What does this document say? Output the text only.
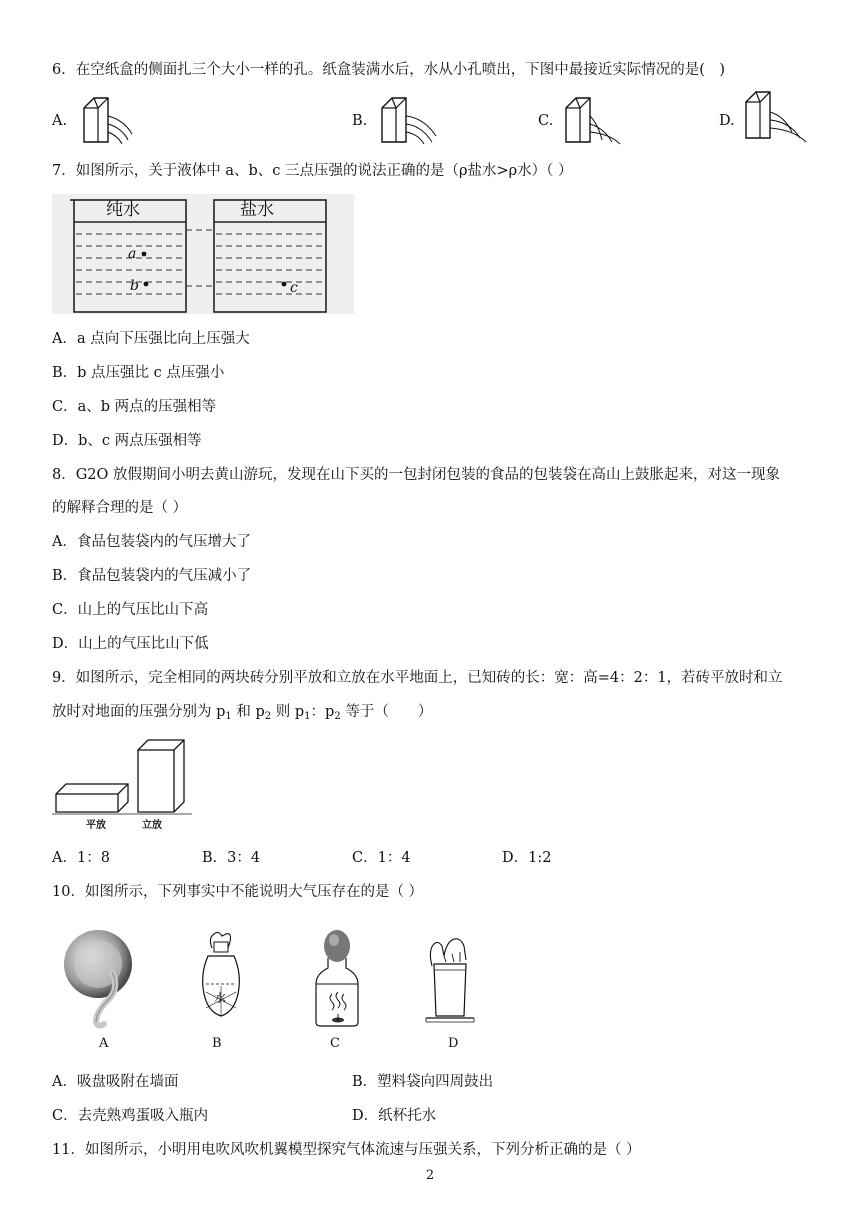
6．在空纸盒的侧面扎三个大小一样的孔。纸盒装满水后，水从小孔喷出，下图中最接近实际情况的是(　)
A.	B.	C.	D.
7．如图所示，关于液体中 a、b、c 三点压强的说法正确的是（ρ盐水>ρ水）（ ）
纯水	盐水
a
b	c
A．a 点向下压强比向上压强大
B．b 点压强比 c 点压强小
C．a、b 两点的压强相等
D．b、c 两点压强相等
8．G2O 放假期间小明去黄山游玩，发现在山下买的一包封闭包装的食品的包装袋在高山上鼓胀起来，对这一现象
的解释合理的是（ ）
A．食品包装袋内的气压增大了
B．食品包装袋内的气压减小了
C．山上的气压比山下高
D．山上的气压比山下低
9．如图所示，完全相同的两块砖分别平放和立放在水平地面上，已知砖的长：宽：高=4：2：1，若砖平放时和立
放时对地面的压强分别为 $p_1$ 和 $p_2$ 则 $p_1$：$p_2$ 等于（　　）
平放	立放
A．1：8	B．3：4	C．1：4	D．1:2
10．如图所示，下列事实中不能说明大气压存在的是（ ）
水
A	B	C	D
A．吸盘吸附在墙面	B．塑料袋向四周鼓出
C．去壳熟鸡蛋吸入瓶内	D．纸杯托水
11．如图所示，小明用电吹风吹机翼模型探究气体流速与压强关系，下列分析正确的是（ ）
2
